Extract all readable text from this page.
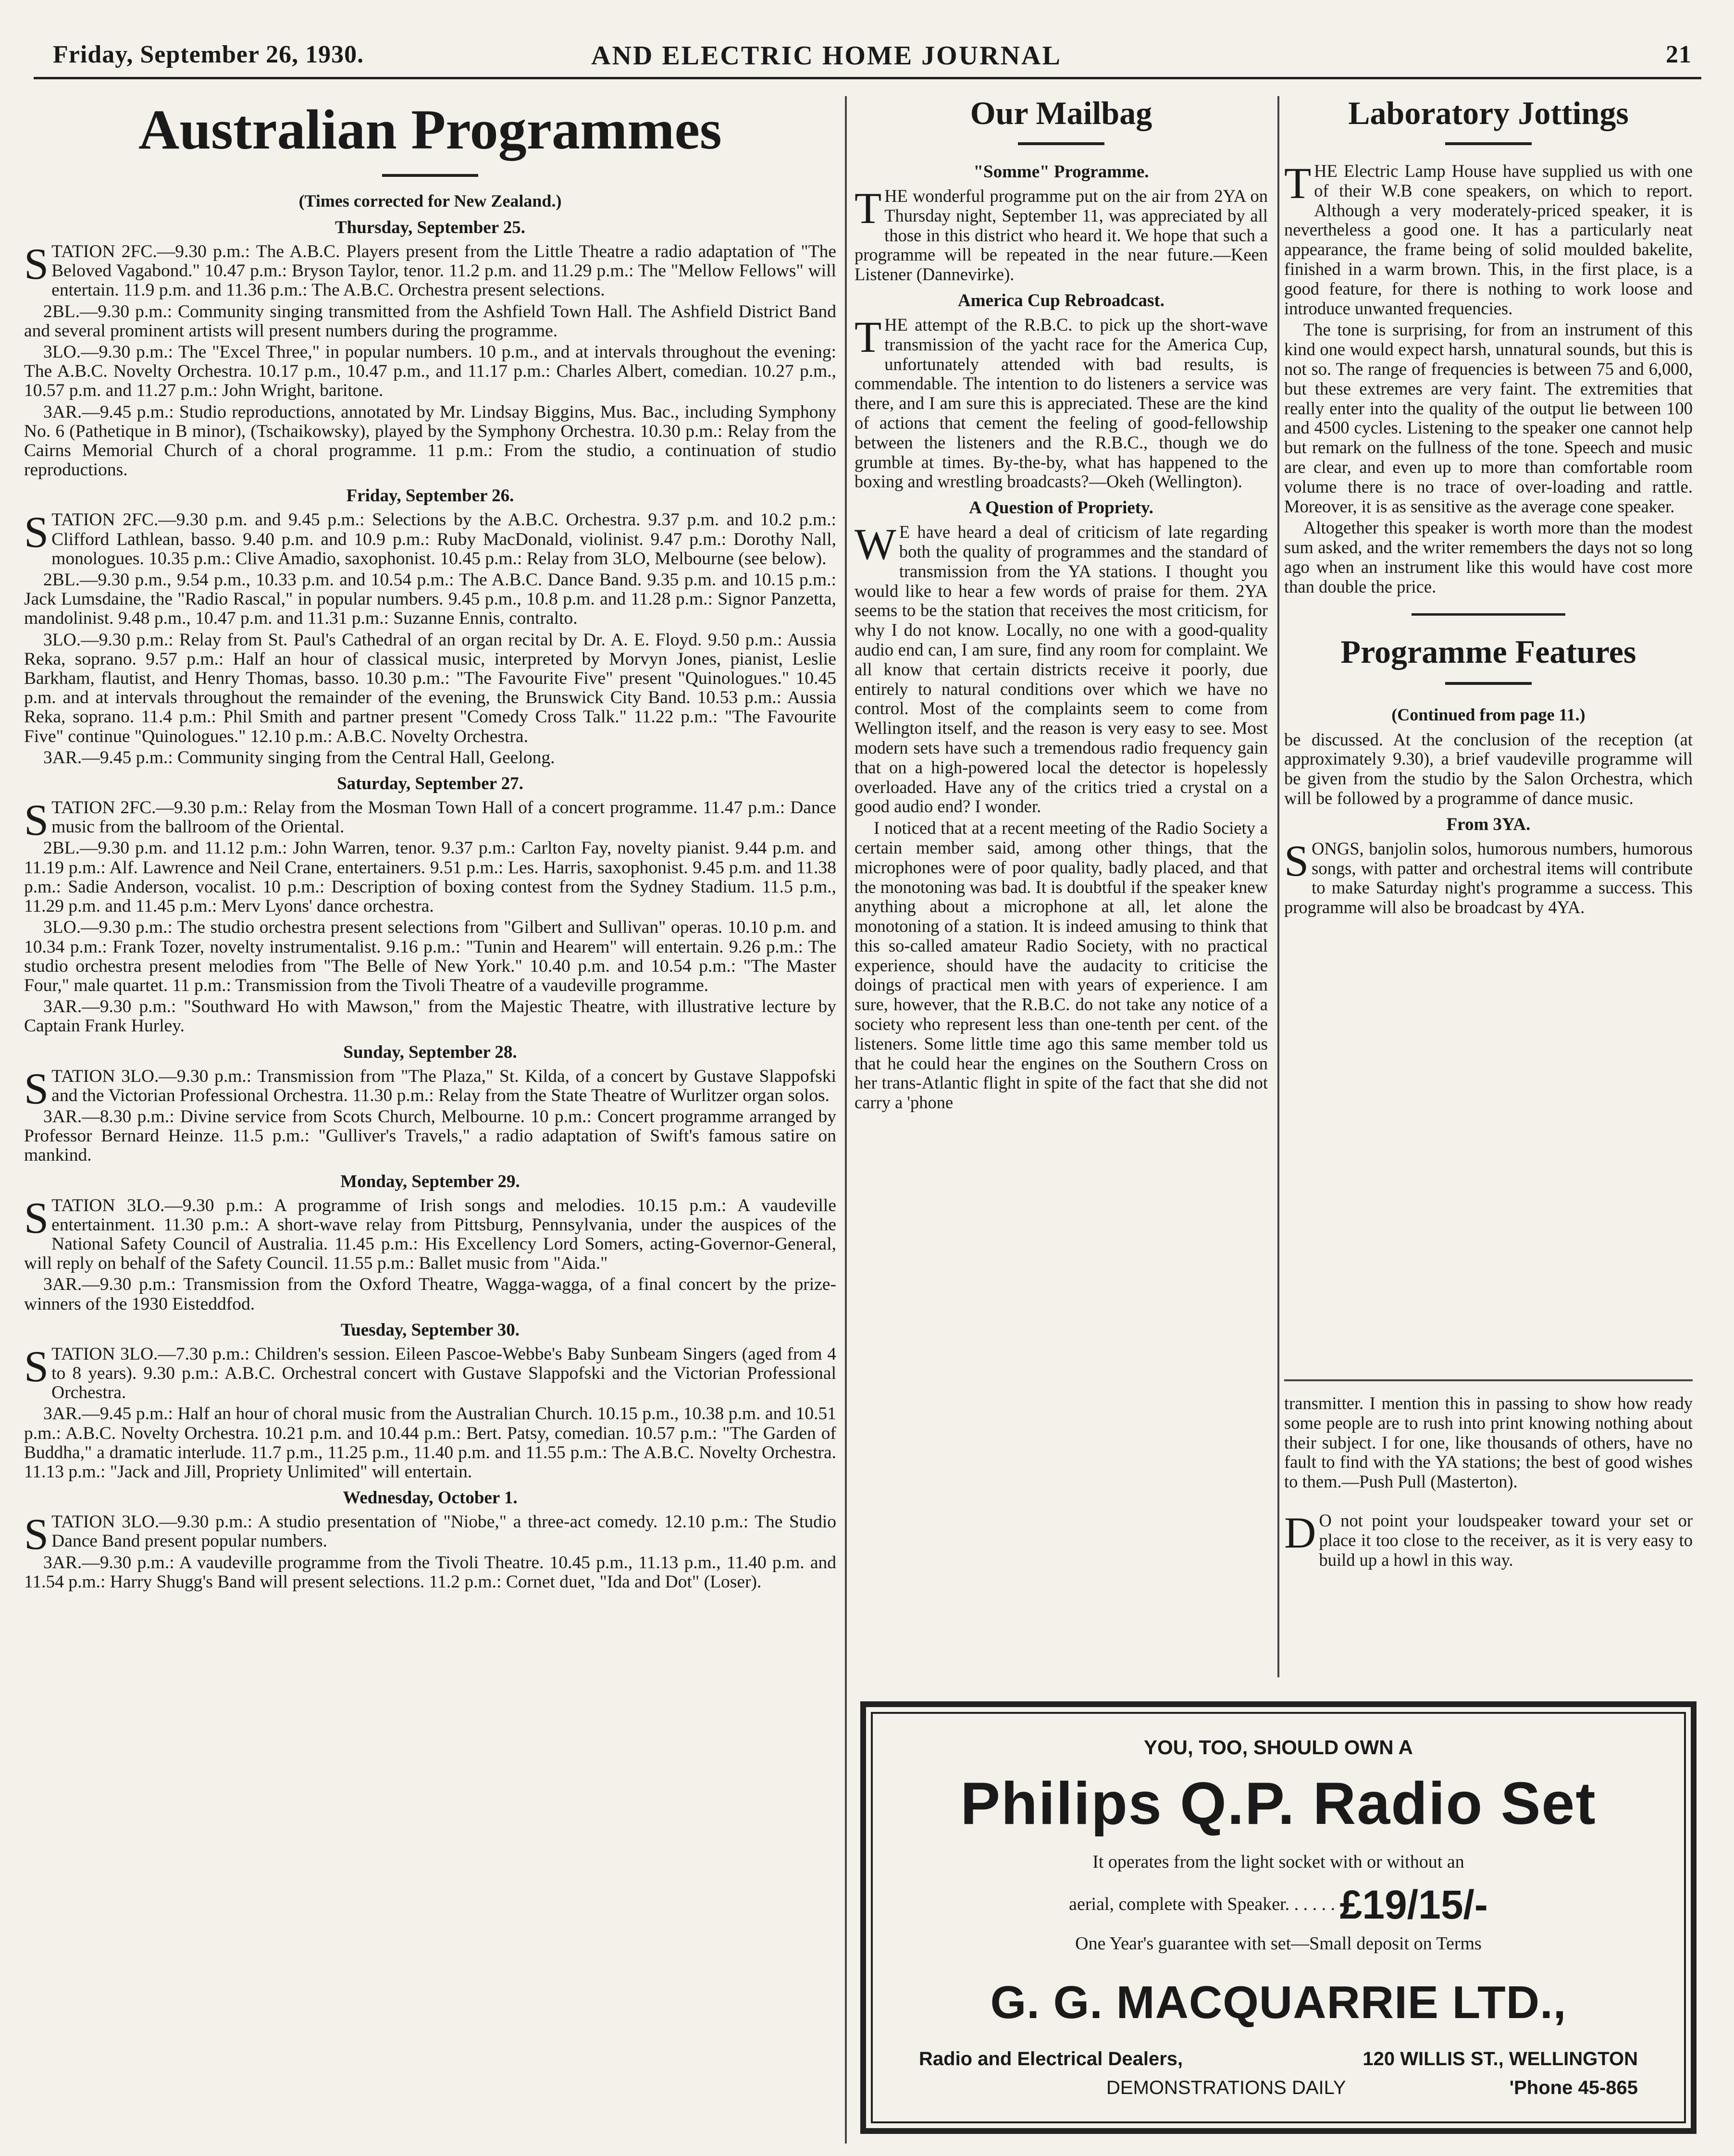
Friday, September 26, 1930.	AND ELECTRIC HOME JOURNAL	21
Australian Programmes
(Times corrected for New Zealand.)
Thursday, September 25.

STATION 2FC.—9.30 p.m.: The A.B.C. Players present from the Little Theatre a radio adaptation of "The Beloved Vagabond." 10.47 p.m.: Bryson Taylor, tenor. 11.2 p.m. and 11.29 p.m.: The "Mellow Fellows" will entertain. 11.9 p.m. and 11.36 p.m.: The A.B.C. Orchestra present selections.

2BL.—9.30 p.m.: Community singing transmitted from the Ashfield Town Hall. The Ashfield District Band and several prominent artists will present numbers during the programme.

3LO.—9.30 p.m.: The "Excel Three," in popular numbers. 10 p.m., and at intervals throughout the evening: The A.B.C. Novelty Orchestra. 10.17 p.m., 10.47 p.m., and 11.17 p.m.: Charles Albert, comedian. 10.27 p.m., 10.57 p.m. and 11.27 p.m.: John Wright, baritone.

3AR.—9.45 p.m.: Studio reproductions, annotated by Mr. Lindsay Biggins, Mus. Bac., including Symphony No. 6 (Pathetique in B minor), (Tschaikowsky), played by the Symphony Orchestra. 10.30 p.m.: Relay from the Cairns Memorial Church of a choral programme. 11 p.m.: From the studio, a continuation of studio reproductions.

Friday, September 26.

STATION 2FC.—9.30 p.m. and 9.45 p.m.: Selections by the A.B.C. Orchestra. 9.37 p.m. and 10.2 p.m.: Clifford Lathlean, basso. 9.40 p.m. and 10.9 p.m.: Ruby MacDonald, violinist. 9.47 p.m.: Dorothy Nall, monologues. 10.35 p.m.: Clive Amadio, saxophonist. 10.45 p.m.: Relay from 3LO, Melbourne (see below).

2BL.—9.30 p.m., 9.54 p.m., 10.33 p.m. and 10.54 p.m.: The A.B.C. Dance Band. 9.35 p.m. and 10.15 p.m.: Jack Lumsdaine, the "Radio Rascal," in popular numbers. 9.45 p.m., 10.8 p.m. and 11.28 p.m.: Signor Panzetta, mandolinist. 9.48 p.m., 10.47 p.m. and 11.31 p.m.: Suzanne Ennis, contralto.

3LO.—9.30 p.m.: Relay from St. Paul's Cathedral of an organ recital by Dr. A. E. Floyd. 9.50 p.m.: Aussia Reka, soprano. 9.57 p.m.: Half an hour of classical music, interpreted by Morvyn Jones, pianist, Leslie Barkham, flautist, and Henry Thomas, basso. 10.30 p.m.: "The Favourite Five" present "Quinologues." 10.45 p.m. and at intervals throughout the remainder of the evening, the Brunswick City Band. 10.53 p.m.: Aussia Reka, soprano. 11.4 p.m.: Phil Smith and partner present "Comedy Cross Talk." 11.22 p.m.: "The Favourite Five" continue "Quinologues." 12.10 p.m.: A.B.C. Novelty Orchestra.

3AR.—9.45 p.m.: Community singing from the Central Hall, Geelong.

Saturday, September 27.

STATION 2FC.—9.30 p.m.: Relay from the Mosman Town Hall of a concert programme. 11.47 p.m.: Dance music from the ballroom of the Oriental.

2BL.—9.30 p.m. and 11.12 p.m.: John Warren, tenor. 9.37 p.m.: Carlton Fay, novelty pianist. 9.44 p.m. and 11.19 p.m.: Alf. Lawrence and Neil Crane, entertainers. 9.51 p.m.: Les. Harris, saxophonist. 9.45 p.m. and 11.38 p.m.: Sadie Anderson, vocalist. 10 p.m.: Description of boxing contest from the Sydney Stadium. 11.5 p.m., 11.29 p.m. and 11.45 p.m.: Merv Lyons' dance orchestra.

3LO.—9.30 p.m.: The studio orchestra present selections from "Gilbert and Sullivan" operas. 10.10 p.m. and 10.34 p.m.: Frank Tozer, novelty instrumentalist. 9.16 p.m.: "Tunin and Hearem" will entertain. 9.26 p.m.: The studio orchestra present melodies from "The Belle of New York." 10.40 p.m. and 10.54 p.m.: "The Master Four," male quartet. 11 p.m.: Transmission from the Tivoli Theatre of a vaudeville programme.

3AR.—9.30 p.m.: "Southward Ho with Mawson," from the Majestic Theatre, with illustrative lecture by Captain Frank Hurley.

Sunday, September 28.

STATION 3LO.—9.30 p.m.: Transmission from "The Plaza," St. Kilda, of a concert by Gustave Slappofski and the Victorian Professional Orchestra. 11.30 p.m.: Relay from the State Theatre of Wurlitzer organ solos.

3AR.—8.30 p.m.: Divine service from Scots Church, Melbourne. 10 p.m.: Concert programme arranged by Professor Bernard Heinze. 11.5 p.m.: "Gulliver's Travels," a radio adaptation of Swift's famous satire on mankind.

Monday, September 29.

STATION 3LO.—9.30 p.m.: A programme of Irish songs and melodies. 10.15 p.m.: A vaudeville entertainment. 11.30 p.m.: A short-wave relay from Pittsburg, Pennsylvania, under the auspices of the National Safety Council of Australia. 11.45 p.m.: His Excellency Lord Somers, acting-Governor-General, will reply on behalf of the Safety Council. 11.55 p.m.: Ballet music from "Aida."

3AR.—9.30 p.m.: Transmission from the Oxford Theatre, Wagga-wagga, of a final concert by the prize-winners of the 1930 Eisteddfod.

Tuesday, September 30.

STATION 3LO.—7.30 p.m.: Children's session. Eileen Pascoe-Webbe's Baby Sunbeam Singers (aged from 4 to 8 years). 9.30 p.m.: A.B.C. Orchestral concert with Gustave Slappofski and the Victorian Professional Orchestra.

3AR.—9.45 p.m.: Half an hour of choral music from the Australian Church. 10.15 p.m., 10.38 p.m. and 10.51 p.m.: A.B.C. Novelty Orchestra. 10.21 p.m. and 10.44 p.m.: Bert. Patsy, comedian. 10.57 p.m.: "The Garden of Buddha," a dramatic interlude. 11.7 p.m., 11.25 p.m., 11.40 p.m. and 11.55 p.m.: The A.B.C. Novelty Orchestra. 11.13 p.m.: "Jack and Jill, Propriety Unlimited" will entertain.

Wednesday, October 1.

STATION 3LO.—9.30 p.m.: A studio presentation of "Niobe," a three-act comedy. 12.10 p.m.: The Studio Dance Band present popular numbers.

3AR.—9.30 p.m.: A vaudeville programme from the Tivoli Theatre. 10.45 p.m., 11.13 p.m., 11.40 p.m. and 11.54 p.m.: Harry Shugg's Band will present selections. 11.2 p.m.: Cornet duet, "Ida and Dot" (Loser).

Our Mailbag
"Somme" Programme.

THE wonderful programme put on the air from 2YA on Thursday night, September 11, was appreciated by all those in this district who heard it. We hope that such a programme will be repeated in the near future.—Keen Listener (Dannevirke).

America Cup Rebroadcast.

THE attempt of the R.B.C. to pick up the short-wave transmission of the yacht race for the America Cup, unfortunately attended with bad results, is commendable. The intention to do listeners a service was there, and I am sure this is appreciated. These are the kind of actions that cement the feeling of good-fellowship between the listeners and the R.B.C., though we do grumble at times. By-the-by, what has happened to the boxing and wrestling broadcasts?—Okeh (Wellington).

A Question of Propriety.

W E have heard a deal of criticism of late regarding both the quality of programmes and the standard of transmission from the YA stations. I thought you would like to hear a few words of praise for them. 2YA seems to be the station that receives the most criticism, for why I do not know. Locally, no one with a good-quality audio end can, I am sure, find any room for complaint. We all know that certain districts receive it poorly, due entirely to natural conditions over which we have no control. Most of the complaints seem to come from Wellington itself, and the reason is very easy to see. Most modern sets have such a tremendous radio frequency gain that on a high-powered local the detector is hopelessly overloaded. Have any of the critics tried a crystal on a good audio end? I wonder.

I noticed that at a recent meeting of the Radio Society a certain member said, among other things, that the microphones were of poor quality, badly placed, and that the monotoning was bad. It is doubtful if the speaker knew anything about a microphone at all, let alone the monotoning of a station. It is indeed amusing to think that this so-called amateur Radio Society, with no practical experience, should have the audacity to criticise the doings of practical men with years of experience. I am sure, however, that the R.B.C. do not take any notice of a society who represent less than one-tenth per cent. of the listeners. Some little time ago this same member told us that he could hear the engines on the Southern Cross on her trans-Atlantic flight in spite of the fact that she did not carry a 'phone

Laboratory Jottings

THE Electric Lamp House have supplied us with one of their W.B cone speakers, on which to report. Although a very moderately-priced speaker, it is nevertheless a good one. It has a particularly neat appearance, the frame being of solid moulded bakelite, finished in a warm brown. This, in the first place, is a good feature, for there is nothing to work loose and introduce unwanted frequencies.

The tone is surprising, for from an instrument of this kind one would expect harsh, unnatural sounds, but this is not so. The range of frequencies is between 75 and 6,000, but these extremes are very faint. The extremities that really enter into the quality of the output lie between 100 and 4500 cycles. Listening to the speaker one cannot help but remark on the fullness of the tone. Speech and music are clear, and even up to more than comfortable room volume there is no trace of over-loading and rattle. Moreover, it is as sensitive as the average cone speaker.

Altogether this speaker is worth more than the modest sum asked, and the writer remembers the days not so long ago when an instrument like this would have cost more than double the price.

Programme Features
(Continued from page 11.)

be discussed. At the conclusion of the reception (at approximately 9.30), a brief vaudeville programme will be given from the studio by the Salon Orchestra, which will be followed by a programme of dance music.

From 3YA.

SONGS, banjolin solos, humorous numbers, humorous songs, with patter and orchestral items will contribute to make Saturday night's programme a success. This programme will also be broadcast by 4YA.

transmitter. I mention this in passing to show how ready some people are to rush into print knowing nothing about their subject. I for one, like thousands of others, have no fault to find with the YA stations; the best of good wishes to them.—Push Pull (Masterton).

D O not point your loudspeaker toward your set or place it too close to the receiver, as it is very easy to build up a howl in this way.

YOU, TOO, SHOULD OWN A
Philips Q.P. Radio Set
It operates from the light socket with or without an
aerial, complete with Speaker. . . . . . £19/15/-
One Year's guarantee with set—Small deposit on Terms
G. G. MACQUARRIE LTD.,
Radio and Electrical Dealers,	120 WILLIS ST., WELLINGTON
DEMONSTRATIONS DAILY	'Phone 45-865
